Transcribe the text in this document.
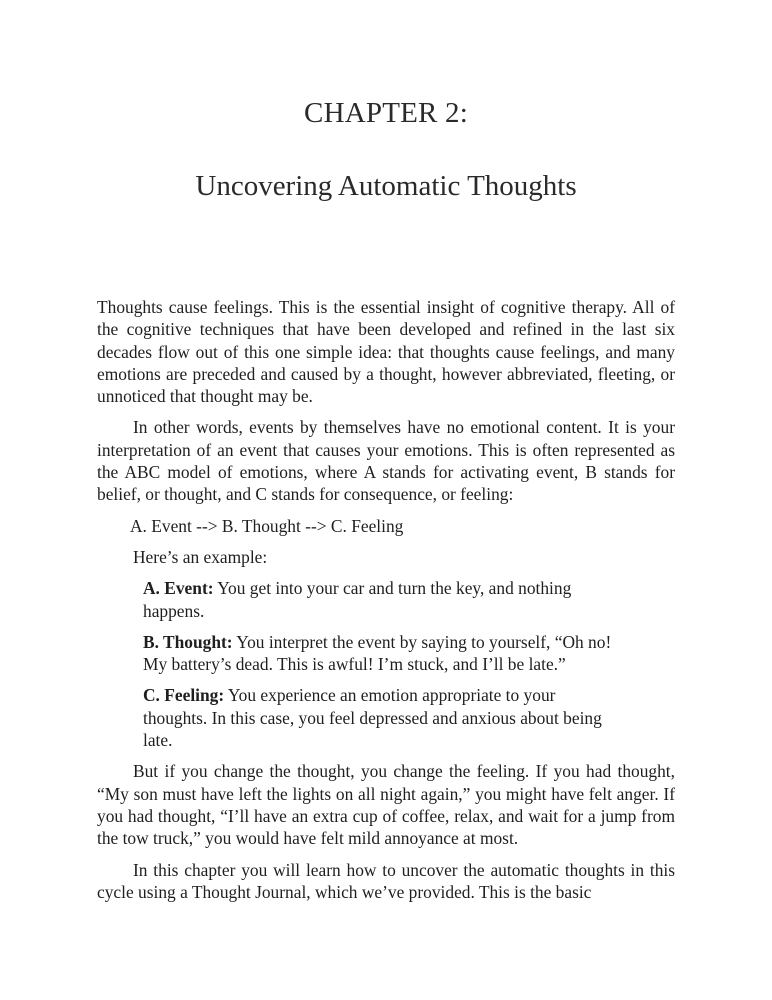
CHAPTER 2:
Uncovering Automatic Thoughts

Thoughts cause feelings. This is the essential insight of cognitive therapy. All of the cognitive techniques that have been developed and refined in the last six decades flow out of this one simple idea: that thoughts cause feelings, and many emotions are preceded and caused by a thought, however abbreviated, fleeting, or unnoticed that thought may be.

In other words, events by themselves have no emotional content. It is your interpretation of an event that causes your emotions. This is often represented as the ABC model of emotions, where A stands for activating event, B stands for belief, or thought, and C stands for consequence, or feeling:

A. Event --> B. Thought --> C. Feeling
Here’s an example:
A. Event: You get into your car and turn the key, and nothing happens.
B. Thought: You interpret the event by saying to yourself, “Oh no! My battery’s dead. This is awful! I’m stuck, and I’ll be late.”
C. Feeling: You experience an emotion appropriate to your thoughts. In this case, you feel depressed and anxious about being late.

But if you change the thought, you change the feeling. If you had thought, “My son must have left the lights on all night again,” you might have felt anger. If you had thought, “I’ll have an extra cup of coffee, relax, and wait for a jump from the tow truck,” you would have felt mild annoyance at most.

In this chapter you will learn how to uncover the automatic thoughts in this cycle using a Thought Journal, which we’ve provided. This is the basic
